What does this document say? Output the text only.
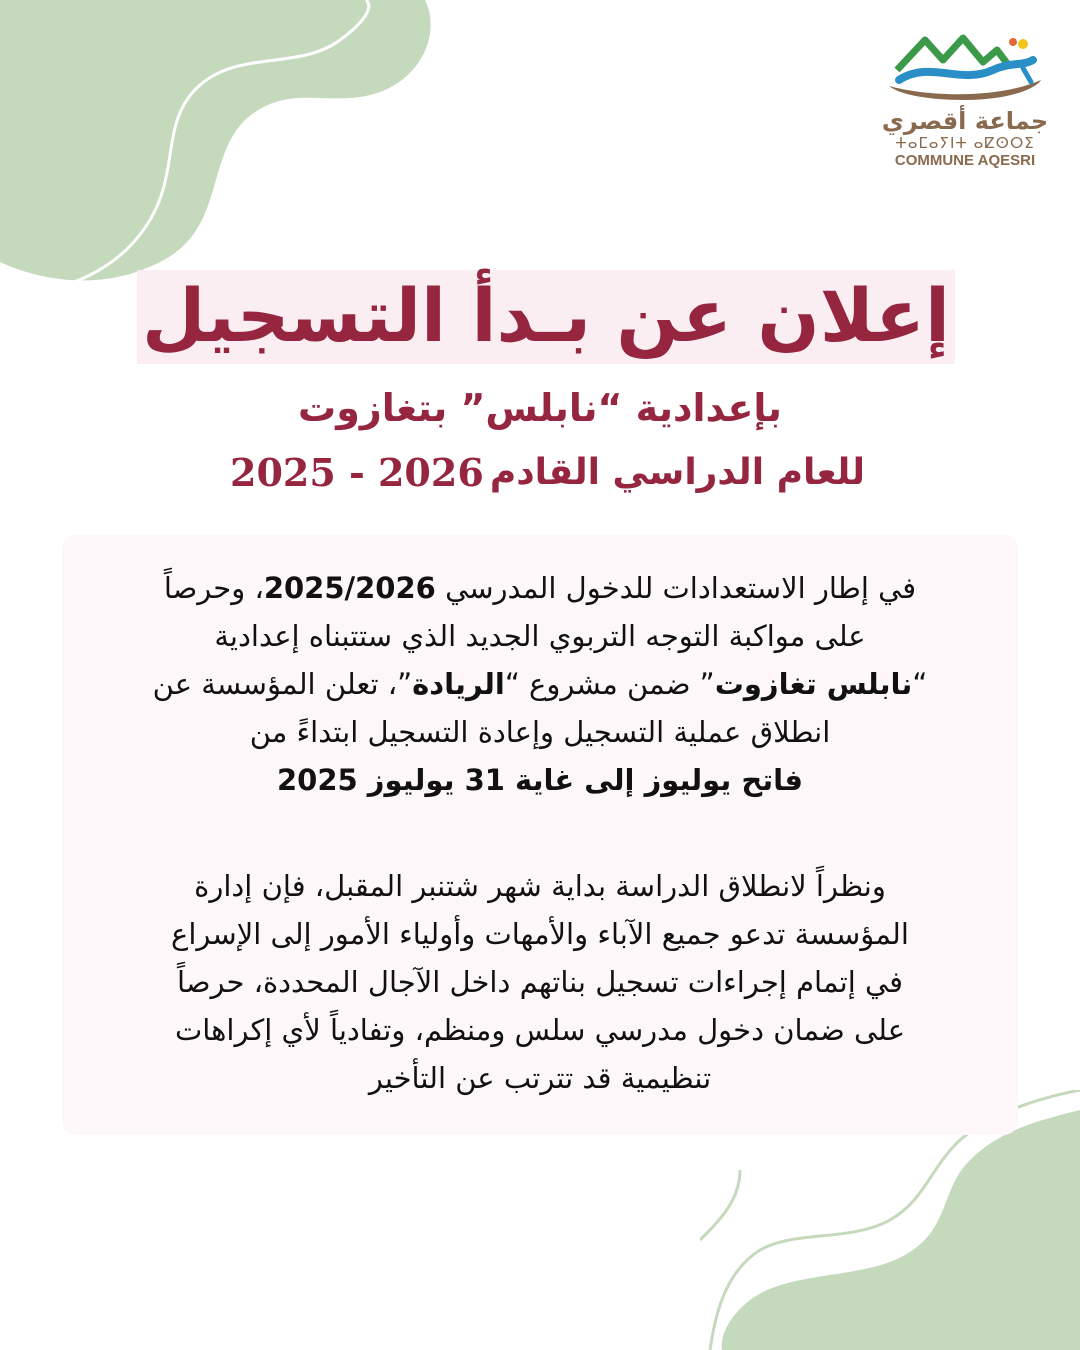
جماعة أقصري
ⵜⴰⵎⴰⵢⵏⵜ ⴰⵇⵙⵔⵉ
COMMUNE AQESRI
إعلان عن بـدأ التسجيل
بإعدادية “نابلس” بتغازوت
للعام الدراسي القادم
2025 - 2026
في إطار الاستعدادات للدخول المدرسي 2025/2026، وحرصاً
على مواكبة التوجه التربوي الجديد الذي ستتبناه إعدادية
“نابلس تغازوت” ضمن مشروع “الريادة”، تعلن المؤسسة عن
انطلاق عملية التسجيل وإعادة التسجيل ابتداءً من
فاتح يوليوز إلى غاية 31 يوليوز 2025
ونظراً لانطلاق الدراسة بداية شهر شتنبر المقبل، فإن إدارة
المؤسسة تدعو جميع الآباء والأمهات وأولياء الأمور إلى الإسراع
في إتمام إجراءات تسجيل بناتهم داخل الآجال المحددة، حرصاً
على ضمان دخول مدرسي سلس ومنظم، وتفادياً لأي إكراهات
تنظيمية قد تترتب عن التأخير
